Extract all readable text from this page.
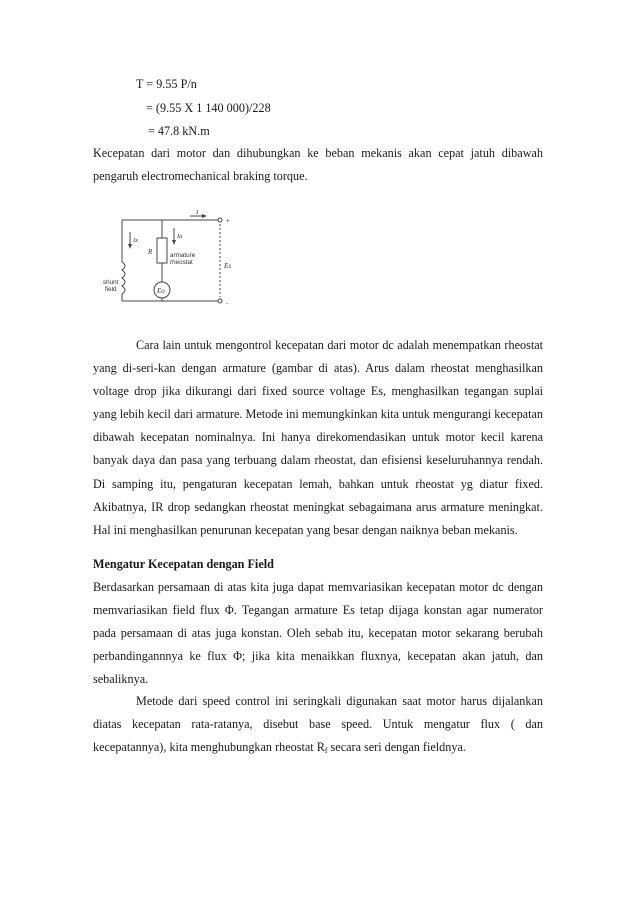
T = 9.55 P/n
= (9.55 X 1 140 000)/228
= 47.8 kN.m

Kecepatan dari motor dan dihubungkan ke beban mekanis akan cepat jatuh dibawah pengaruh electromechanical braking torque.

I
+
Ix
Ia
R	armature
rheostat
shunt
field	Eo
Es
-

Cara lain untuk mengontrol kecepatan dari motor dc adalah menempatkan rheostat yang di-seri-kan dengan armature (gambar di atas). Arus dalam rheostat menghasilkan voltage drop jika dikurangi dari fixed source voltage Es, menghasilkan tegangan suplai yang lebih kecil dari armature. Metode ini memungkinkan kita untuk mengurangi kecepatan dibawah kecepatan nominalnya. Ini hanya direkomendasikan untuk motor kecil karena banyak daya dan pasa yang terbuang dalam rheostat, dan efisiensi keseluruhannya rendah. Di samping itu, pengaturan kecepatan lemah, bahkan untuk rheostat yg diatur fixed. Akibatnya, IR drop sedangkan rheostat meningkat sebagaimana arus armature meningkat. Hal ini menghasilkan penurunan kecepatan yang besar dengan naiknya beban mekanis.

Mengatur Kecepatan dengan Field

Berdasarkan persamaan di atas kita juga dapat memvariasikan kecepatan motor dc dengan memvariasikan field flux Φ. Tegangan armature Es tetap dijaga konstan agar numerator pada persamaan di atas juga konstan. Oleh sebab itu, kecepatan motor sekarang berubah perbandingannnya ke flux Φ; jika kita menaikkan fluxnya, kecepatan akan jatuh, dan sebaliknya.

Metode dari speed control ini seringkali digunakan saat motor harus dijalankan diatas kecepatan rata-ratanya, disebut base speed. Untuk mengatur flux ( dan kecepatannya), kita menghubungkan rheostat $R_f$ secara seri dengan fieldnya.
